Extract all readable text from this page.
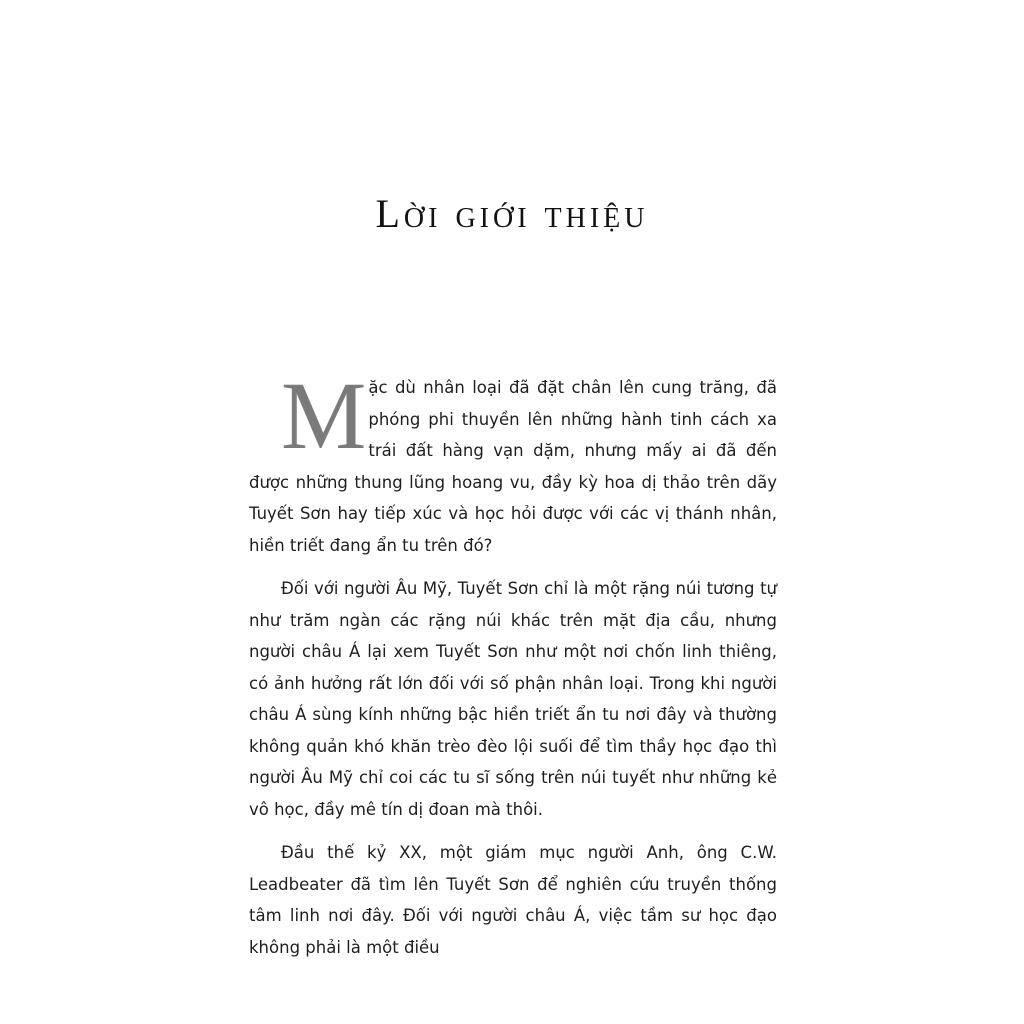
Lời giới thiệu

Mặc dù nhân loại đã đặt chân lên cung trăng, đã phóng phi thuyền lên những hành tinh cách xa trái đất hàng vạn dặm, nhưng mấy ai đã đến được những thung lũng hoang vu, đầy kỳ hoa dị thảo trên dãy Tuyết Sơn hay tiếp xúc và học hỏi được với các vị thánh nhân, hiền triết đang ẩn tu trên đó?

Đối với người Âu Mỹ, Tuyết Sơn chỉ là một rặng núi tương tự như trăm ngàn các rặng núi khác trên mặt địa cầu, nhưng người châu Á lại xem Tuyết Sơn như một nơi chốn linh thiêng, có ảnh hưởng rất lớn đối với số phận nhân loại. Trong khi người châu Á sùng kính những bậc hiền triết ẩn tu nơi đây và thường không quản khó khăn trèo đèo lội suối để tìm thầy học đạo thì người Âu Mỹ chỉ coi các tu sĩ sống trên núi tuyết như những kẻ vô học, đầy mê tín dị đoan mà thôi.

Đầu thế kỷ XX, một giám mục người Anh, ông C.W. Leadbeater đã tìm lên Tuyết Sơn để nghiên cứu truyền thống tâm linh nơi đây. Đối với người châu Á, việc tầm sư học đạo không phải là một điều
